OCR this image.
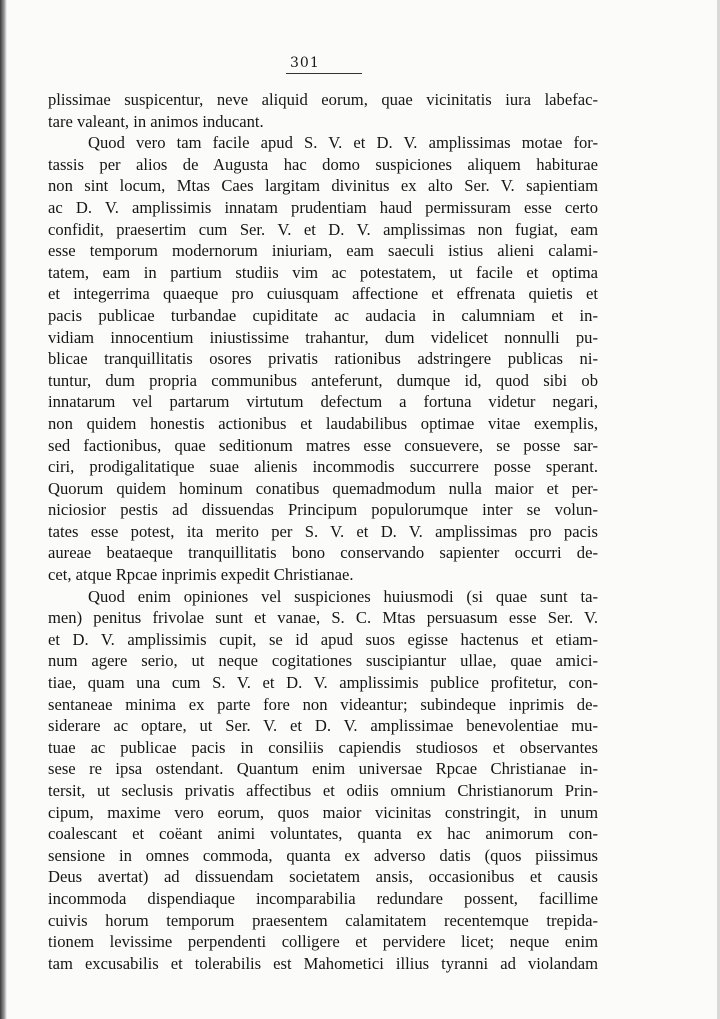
301
plissimae suspicentur, neve aliquid eorum, quae vicinitatis iura labefac-
tare valeant, in animos inducant.
Quod vero tam facile apud S. V. et D. V. amplissimas motae for-
tassis per alios de Augusta hac domo suspiciones aliquem habiturae
non sint locum, Mtas Caes largitam divinitus ex alto Ser. V. sapientiam
ac D. V. amplissimis innatam prudentiam haud permissuram esse certo
confidit, praesertim cum Ser. V. et D. V. amplissimas non fugiat, eam
esse temporum modernorum iniuriam, eam saeculi istius alieni calami-
tatem, eam in partium studiis vim ac potestatem, ut facile et optima
et integerrima quaeque pro cuiusquam affectione et effrenata quietis et
pacis publicae turbandae cupiditate ac audacia in calumniam et in-
vidiam innocentium iniustissime trahantur, dum videlicet nonnulli pu-
blicae tranquillitatis osores privatis rationibus adstringere publicas ni-
tuntur, dum propria communibus anteferunt, dumque id, quod sibi ob
innatarum vel partarum virtutum defectum a fortuna videtur negari,
non quidem honestis actionibus et laudabilibus optimae vitae exemplis,
sed factionibus, quae seditionum matres esse consuevere, se posse sar-
ciri, prodigalitatique suae alienis incommodis succurrere posse sperant.
Quorum quidem hominum conatibus quemadmodum nulla maior et per-
niciosior pestis ad dissuendas Principum populorumque inter se volun-
tates esse potest, ita merito per S. V. et D. V. amplissimas pro pacis
aureae beataeque tranquillitatis bono conservando sapienter occurri de-
cet, atque Rpcae inprimis expedit Christianae.
Quod enim opiniones vel suspiciones huiusmodi (si quae sunt ta-
men) penitus frivolae sunt et vanae, S. C. Mtas persuasum esse Ser. V.
et D. V. amplissimis cupit, se id apud suos egisse hactenus et etiam-
num agere serio, ut neque cogitationes suscipiantur ullae, quae amici-
tiae, quam una cum S. V. et D. V. amplissimis publice profitetur, con-
sentaneae minima ex parte fore non videantur; subindeque inprimis de-
siderare ac optare, ut Ser. V. et D. V. amplissimae benevolentiae mu-
tuae ac publicae pacis in consiliis capiendis studiosos et observantes
sese re ipsa ostendant. Quantum enim universae Rpcae Christianae in-
tersit, ut seclusis privatis affectibus et odiis omnium Christianorum Prin-
cipum, maxime vero eorum, quos maior vicinitas constringit, in unum
coalescant et coëant animi voluntates, quanta ex hac animorum con-
sensione in omnes commoda, quanta ex adverso datis (quos piissimus
Deus avertat) ad dissuendam societatem ansis, occasionibus et causis
incommoda dispendiaque incomparabilia redundare possent, facillime
cuivis horum temporum praesentem calamitatem recentemque trepida-
tionem levissime perpendenti colligere et pervidere licet; neque enim
tam excusabilis et tolerabilis est Mahometici illius tyranni ad violandam
